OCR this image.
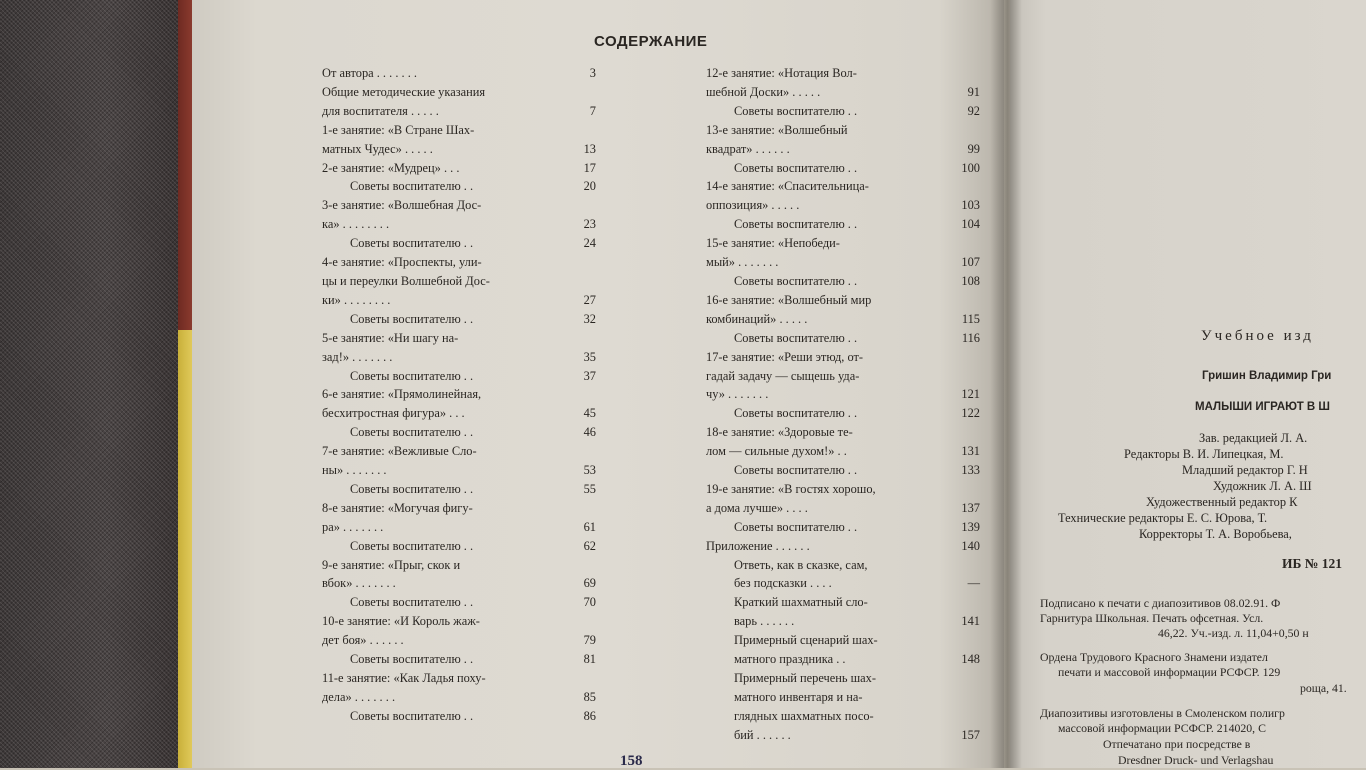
СОДЕРЖАНИЕ
От автора . . . . . . .	3
Общие методические указания
для воспитателя . . . . .	7
1-е занятие: «В Стране Шах-
матных Чудес» . . . . .	13
2-е занятие: «Мудрец» . . .	17
Советы воспитателю . .	20
3-е занятие: «Волшебная Дос-
ка» . . . . . . . .	23
Советы воспитателю . .	24
4-е занятие: «Проспекты, ули-
цы и переулки Волшебной Дос-
ки» . . . . . . . .	27
Советы воспитателю . .	32
5-е занятие: «Ни шагу на-
зад!» . . . . . . .	35
Советы воспитателю . .	37
6-е занятие: «Прямолинейная,
бесхитростная фигура» . . .	45
Советы воспитателю . .	46
7-е занятие: «Вежливые Сло-
ны» . . . . . . .	53
Советы воспитателю . .	55
8-е занятие: «Могучая фигу-
ра» . . . . . . .	61
Советы воспитателю . .	62
9-е занятие: «Прыг, скок и
вбок» . . . . . . .	69
Советы воспитателю . .	70
10-е занятие: «И Король жаж-
дет боя» . . . . . .	79
Советы воспитателю . .	81
11-е занятие: «Как Ладья поху-
дела» . . . . . . .	85
Советы воспитателю . .	86
12-е занятие: «Нотация Вол-
шебной Доски» . . . . .	91
Советы воспитателю . .	92
13-е занятие: «Волшебный
квадрат» . . . . . .	99
Советы воспитателю . .	100
14-е занятие: «Спасительница-
оппозиция» . . . . .	103
Советы воспитателю . .	104
15-е занятие: «Непобеди-
мый» . . . . . . .	107
Советы воспитателю . .	108
16-е занятие: «Волшебный мир
комбинаций» . . . . .	115
Советы воспитателю . .	116
17-е занятие: «Реши этюд, от-
гадай задачу — сыщешь уда-
чу» . . . . . . .	121
Советы воспитателю . .	122
18-е занятие: «Здоровые те-
лом — сильные духом!» . .	131
Советы воспитателю . .	133
19-е занятие: «В гостях хорошо,
а дома лучше» . . . .	137
Советы воспитателю . .	139
Приложение . . . . . .	140
Ответь, как в сказке, сам,
без подсказки . . . .	—
Краткий шахматный сло-
варь . . . . . .	141
Примерный сценарий шах-
матного праздника . .	148
Примерный перечень шах-
матного инвентаря и на-
глядных шахматных посо-
бий . . . . . .	157
158
Учебное изд
Гришин Владимир Гри
МАЛЫШИ ИГРАЮТ В Ш
Зав. редакцией Л. А.
Редакторы В. И. Липецкая, М.
Младший редактор Г. Н
Художник Л. А. Ш
Художественный редактор К
Технические редакторы Е. С. Юрова, Т.
Корректоры Т. А. Воробьева,
ИБ № 121
Подписано к печати с диапозитивов 08.02.91. Ф
Гарнитура Школьная. Печать офсетная. Усл.
46,22. Уч.-изд. л. 11,04+0,50 н
Ордена Трудового Красного Знамени издател
печати и массовой информации РСФСР. 129
роща, 41.
Диапозитивы изготовлены в Смоленском полигр
массовой информации РСФСР. 214020, С
Отпечатано при посредстве в
Dresdner Druck- und Verlagshau
